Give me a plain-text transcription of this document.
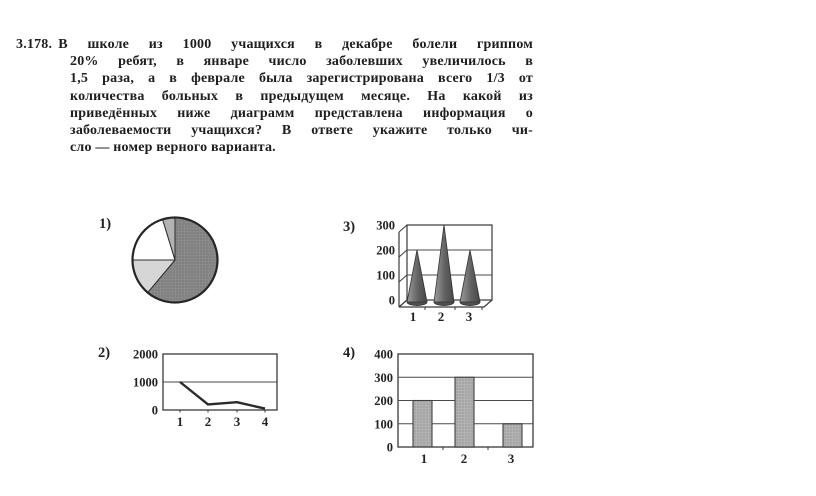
3.178. В школе из 1000 учащихся в декабре болели гриппом
20% ребят, в январе число заболевших увеличилось в
1,5 раза, а в феврале была зарегистрирована всего 1/3 от
количества больных в предыдущем месяце. На какой из
приведённых ниже диаграмм представлена информация о
заболеваемости учащихся? В ответе укажите только чи-
сло — номер верного варианта.
1)	3)
2)	4)
0
1000
2000
1 2 3 4
300
200
100
0
1 2 3
0
100
200
300
400
1	2	3
